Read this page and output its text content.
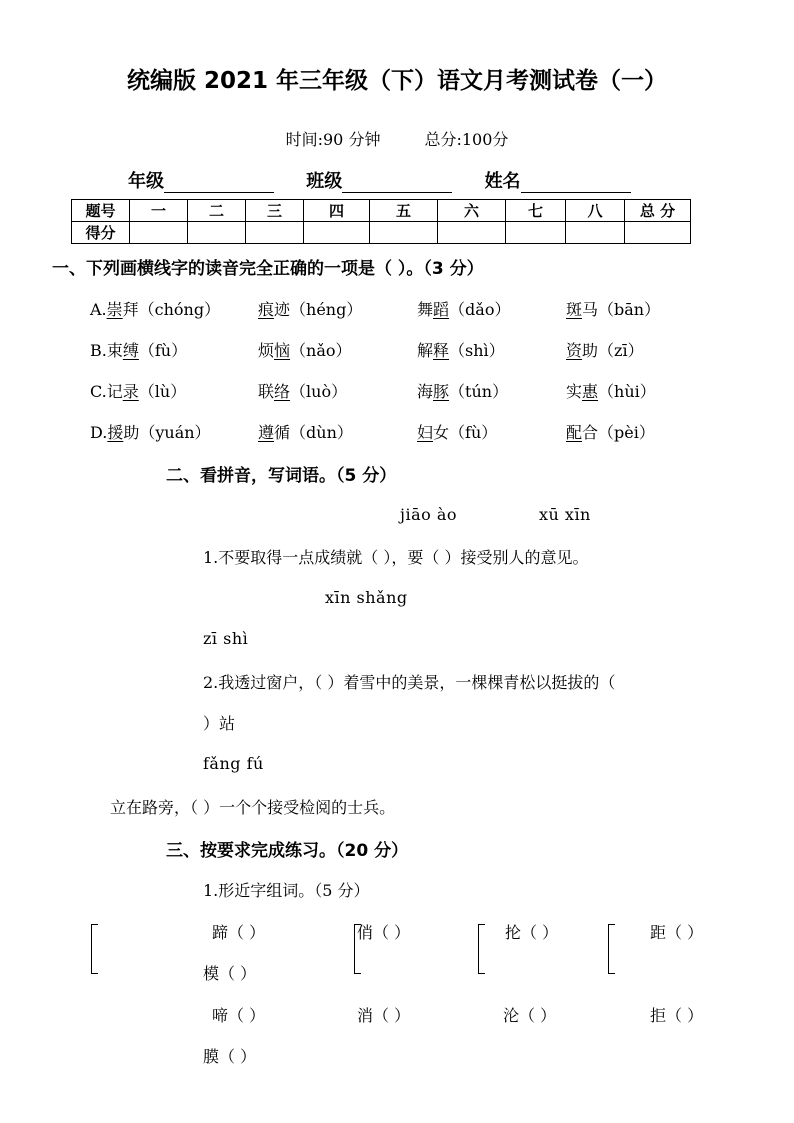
统编版 2021 年三年级（下）语文月考测试卷（一）
时间:90 分钟	总分:100分
年级	班级	姓名
题号	一	二	三	四	五	六	七	八	总 分
得分									
一、下列画横线字的读音完全正确的一项是（ ）。（3 分）
A.崇拜（chóng） 痕迹（héng）	舞蹈（dǎo）	斑马（bān）
B.束缚（fù）	烦恼（nǎo）	解释（shì）	资助（zī）
C.记录（lù）	联络（luò）	海豚（tún）	实惠（hùi）
D.援助（yuán）	遵循（dùn）	妇女（fù）	配合（pèi）
二、看拼音，写词语。（5 分）
jiāo ào	xū xīn
1.不要取得一点成绩就（ ），要（ ）接受别人的意见。
xīn shǎng
zī shì
2.我透过窗户，（ ）着雪中的美景，一棵棵青松以挺拔的（
）站
fǎng fú
立在路旁，（ ）一个个接受检阅的士兵。
三、按要求完成练习。（20 分）
1.形近字组词。（5 分）
蹄（ ）	俏（ ）	抡（ ）	距（ ）
模（ ）
啼（ ）	消（ ）	沦（ ）	拒（ ）
膜（ ）
